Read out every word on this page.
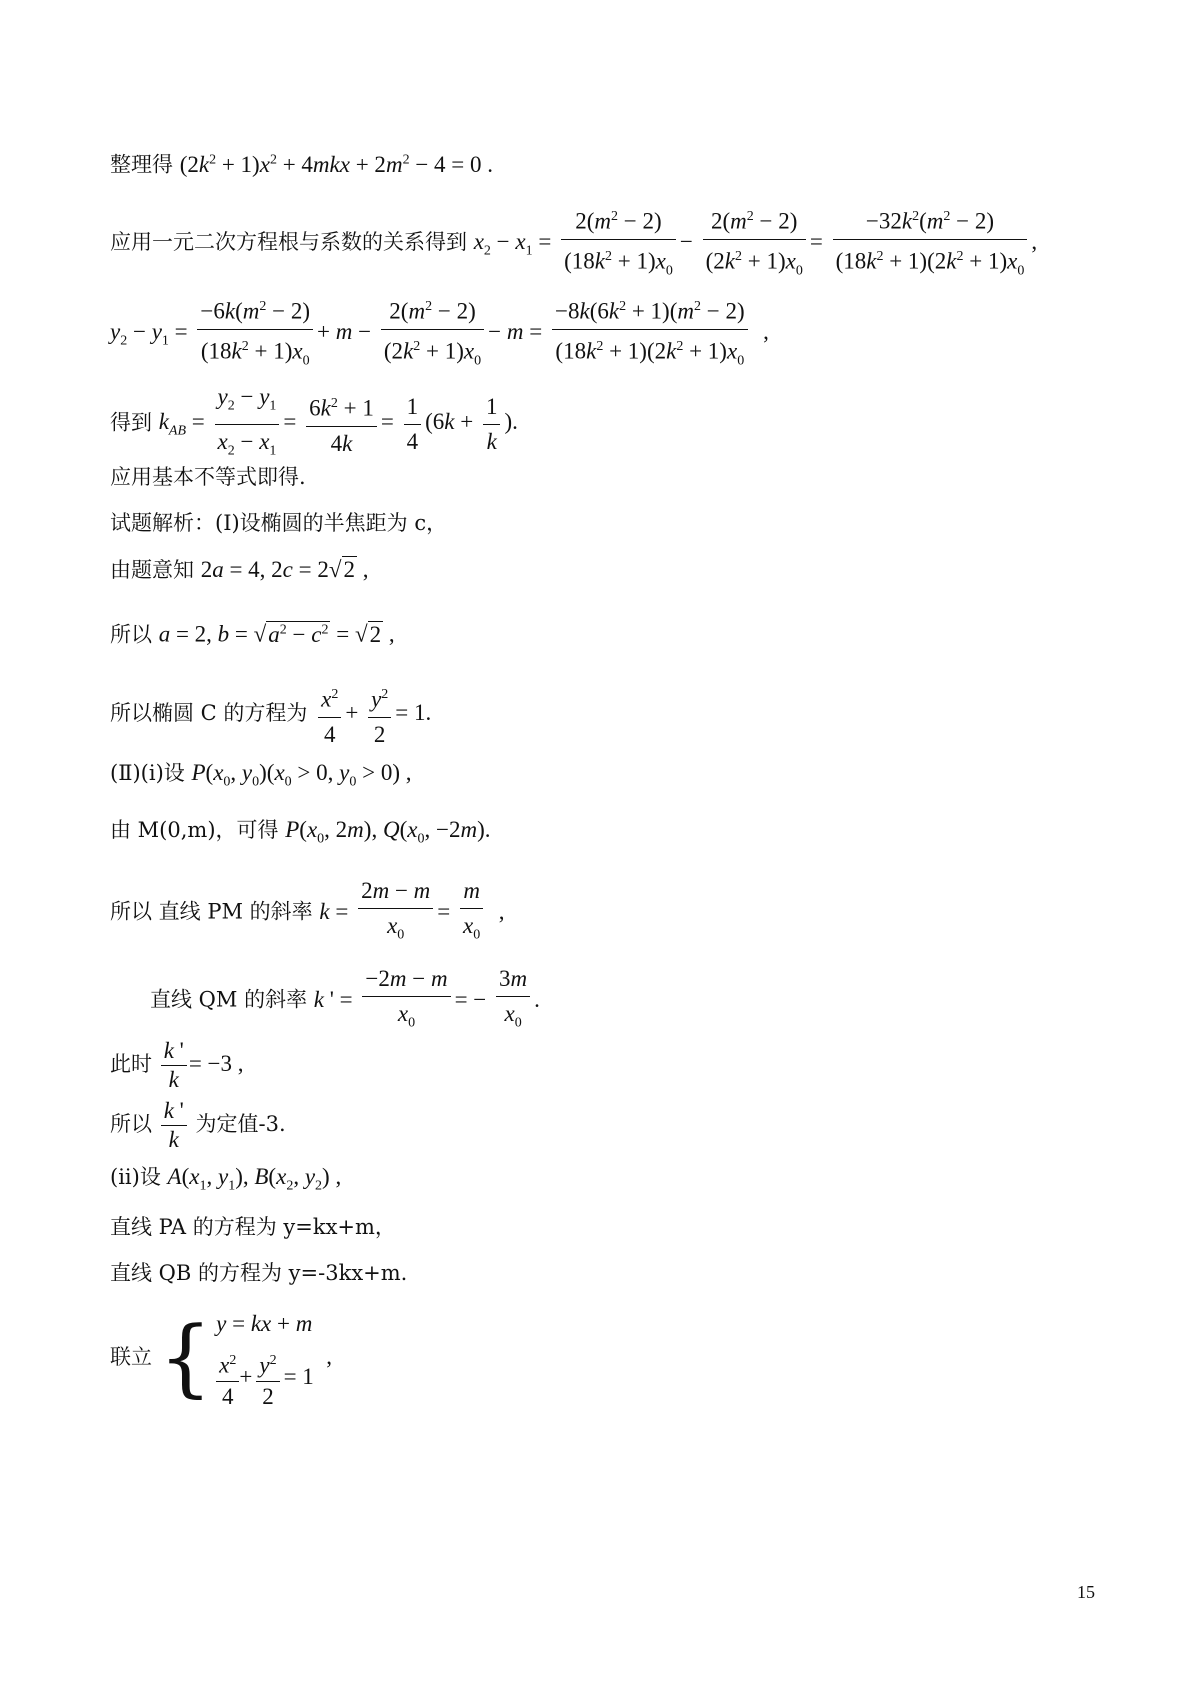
整理得 $(2k^2 + 1)x^2 + 4mkx + 2m^2 - 4 = 0$ .
应用一元二次方程根与系数的关系得到 $x_2 - x_1 = \frac{2(m^2 - 2)}{(18k^2 + 1)x_0} - \frac{2(m^2 - 2)}{(2k^2 + 1)x_0} = \frac{-32k^2(m^2 - 2)}{(18k^2 + 1)(2k^2 + 1)x_0}$ ,
$y_2 - y_1 = \frac{-6k(m^2 - 2)}{(18k^2 + 1)x_0} + m - \frac{2(m^2 - 2)}{(2k^2 + 1)x_0} - m = \frac{-8k(6k^2 + 1)(m^2 - 2)}{(18k^2 + 1)(2k^2 + 1)x_0}$ ,
得到 $k_{AB} = \frac{y_2 - y_1}{x_2 - x_1} = \frac{6k^2 + 1}{4k} = \frac{1}{4} (6k + \frac{1}{k}$ ).
应用基本不等式即得.
试题解析：(Ⅰ)设椭圆的半焦距为 c，
由题意知 2a = 4, 2c = 2√2 ,
所以 a = 2, $b = √a^2 - c^2 = √2$ ,
所以椭圆 C 的方程为 $\frac{x^2}{4} + \frac{y^2}{2} = 1$.
(Ⅱ)(i)设 $P(x_0$, $y_0)(x_0 > 0$, $y_0 > 0$) ,
由 M(0,m)，可得 $P(x_0$, 2m), $Q(x_0$, −2m).
所以 直线 PM 的斜率 $k = \frac{2m - m}{x_0} = \frac{m}{x_0}$ ,
直线 QM 的斜率 k ' = $\frac{-2m - m}{x_0}$ = − $\frac{3m}{x_0}$ .
此时 $\frac{k '}{k} = -3$ ,
所以 $\frac{k '}{k}$ 为定值-3.
(ii)设 $A(x_1$, $y_1$), $B(x_2$, $y_2$) ,
直线 PA 的方程为 y=kx+m，
直线 QB 的方程为 y=-3kx+m.
联立 { y = kx + m
$\frac{x^2}{4} + \frac{y^2}{2} = 1$
,
15
